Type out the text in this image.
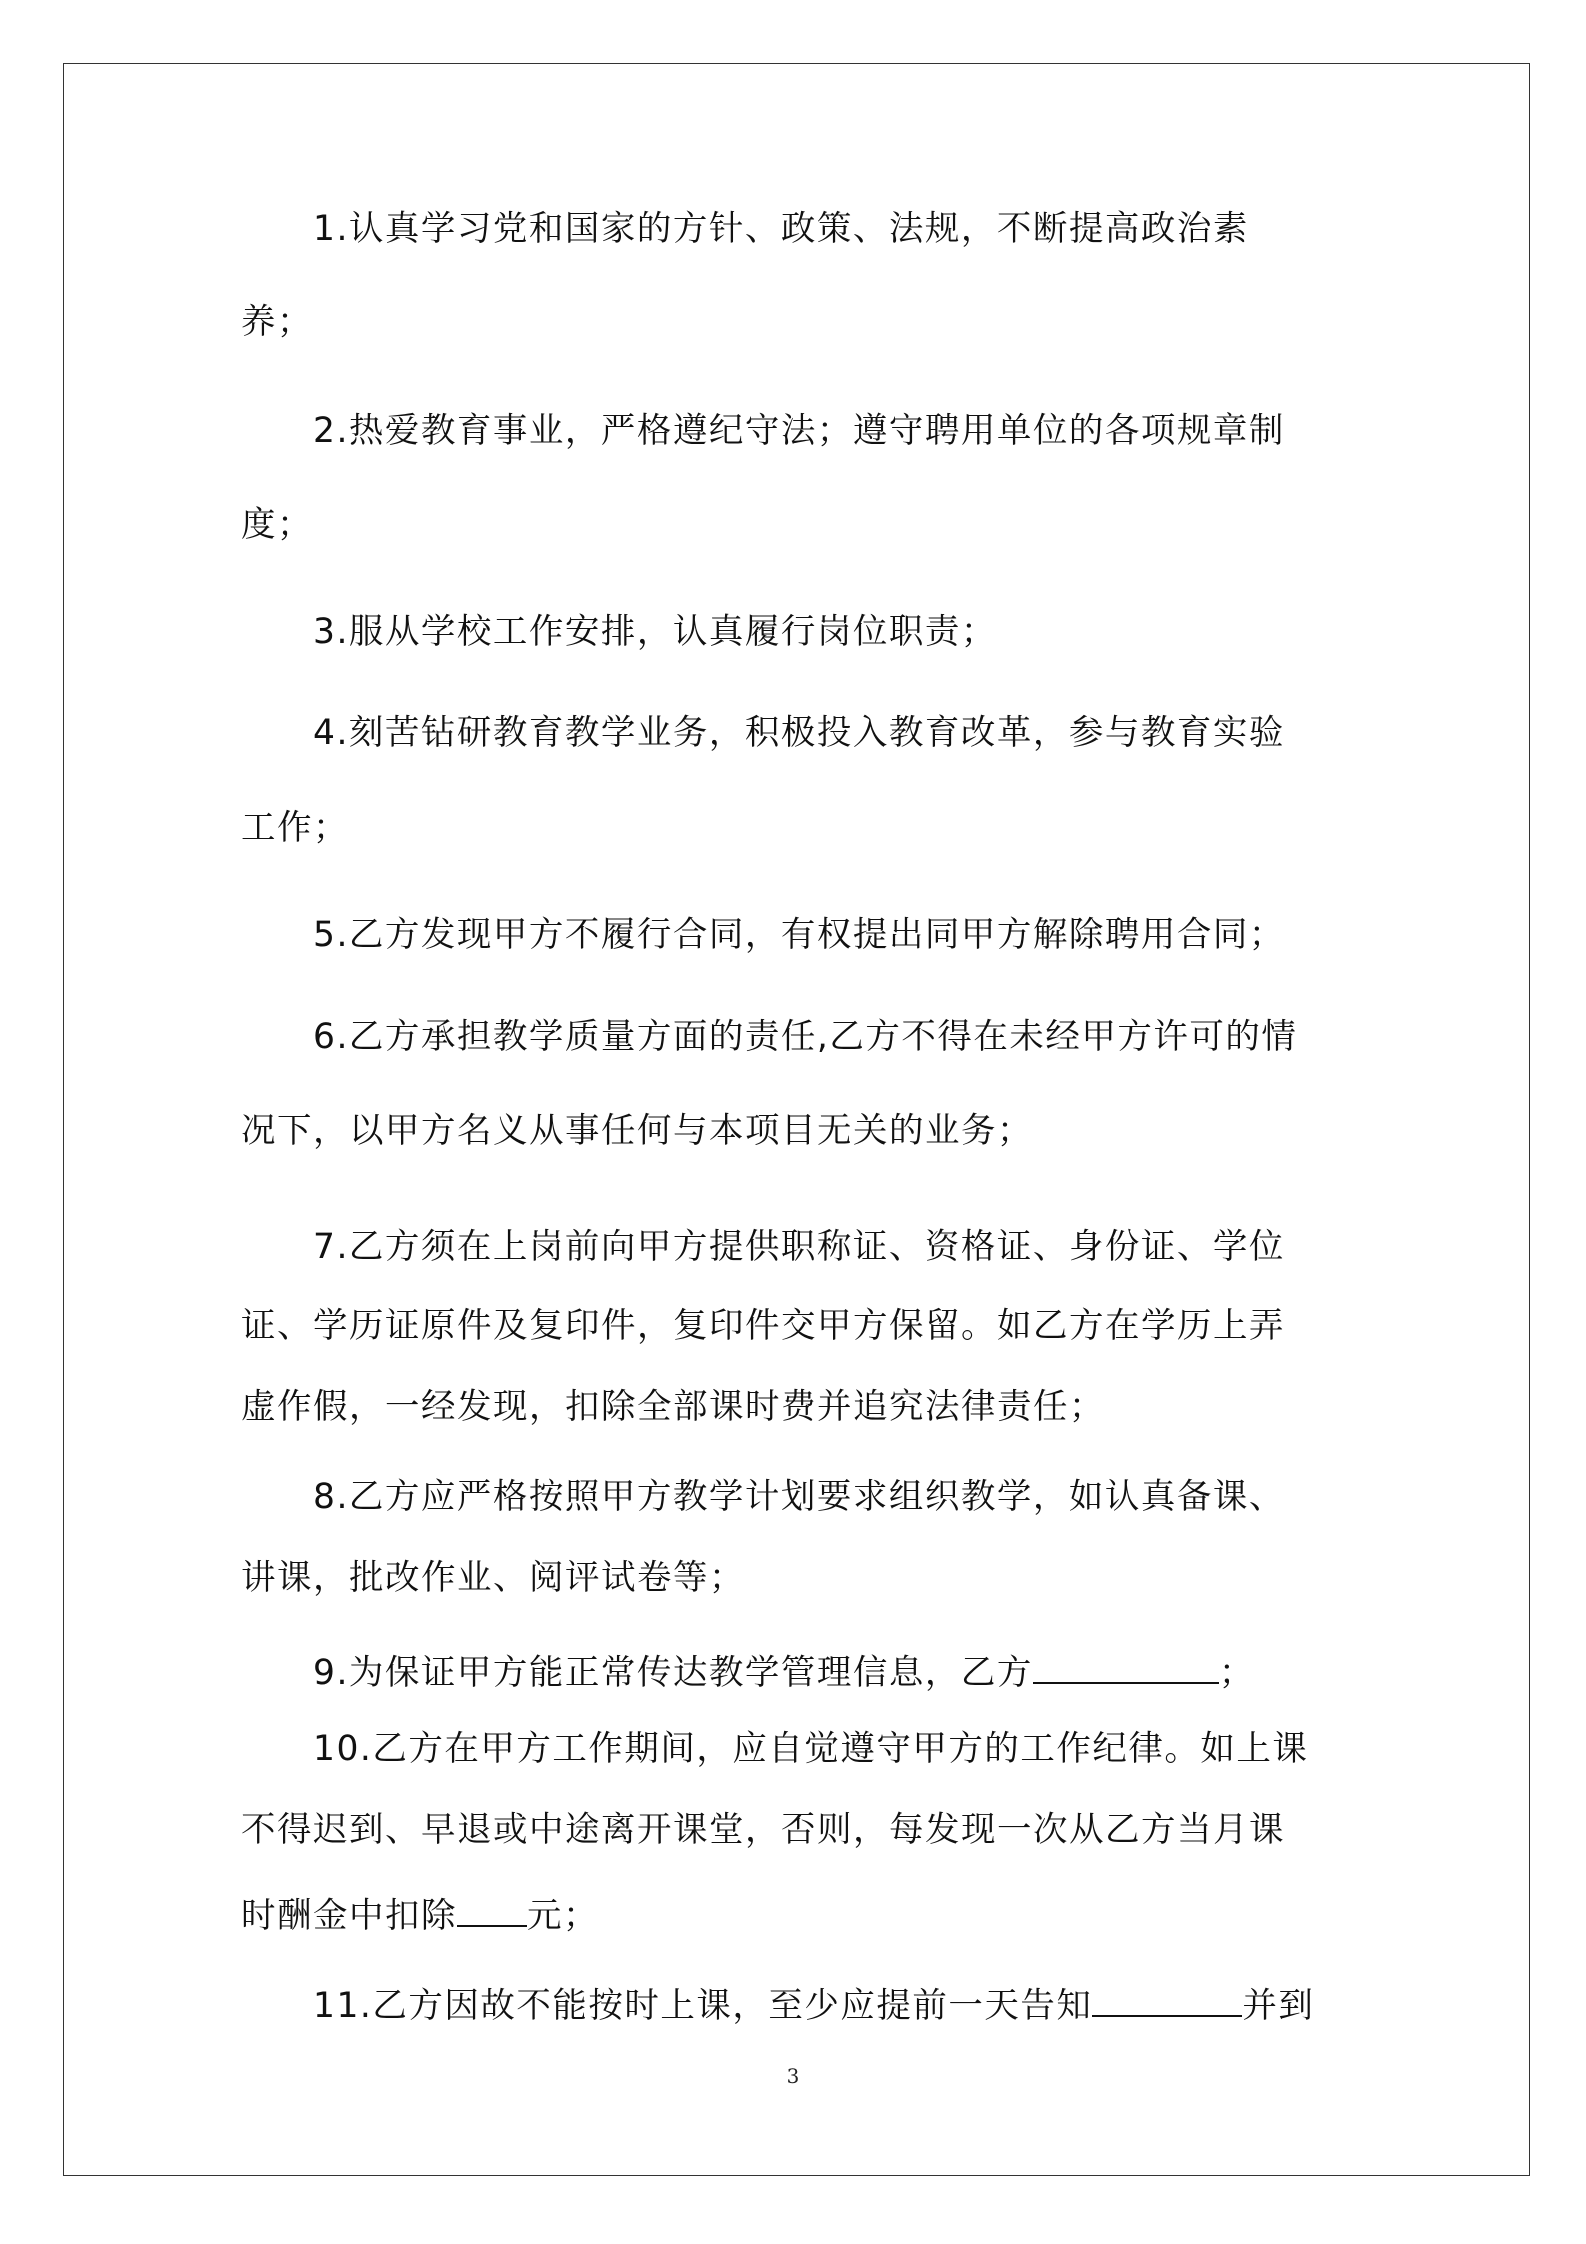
1.认真学习党和国家的方针、政策、法规，不断提高政治素
养；
2.热爱教育事业，严格遵纪守法；遵守聘用单位的各项规章制
度；
3.服从学校工作安排，认真履行岗位职责；
4.刻苦钻研教育教学业务，积极投入教育改革，参与教育实验
工作；
5.乙方发现甲方不履行合同，有权提出同甲方解除聘用合同；
6.乙方承担教学质量方面的责任,乙方不得在未经甲方许可的情
况下，以甲方名义从事任何与本项目无关的业务；
7.乙方须在上岗前向甲方提供职称证、资格证、身份证、学位
证、学历证原件及复印件，复印件交甲方保留。如乙方在学历上弄
虚作假，一经发现，扣除全部课时费并追究法律责任；
8.乙方应严格按照甲方教学计划要求组织教学，如认真备课、
讲课，批改作业、阅评试卷等；
9.为保证甲方能正常传达教学管理信息，乙方	；
10.乙方在甲方工作期间，应自觉遵守甲方的工作纪律。如上课
不得迟到、早退或中途离开课堂，否则，每发现一次从乙方当月课
时酬金中扣除 元；
11.乙方因故不能按时上课，至少应提前一天告知	并到
3
